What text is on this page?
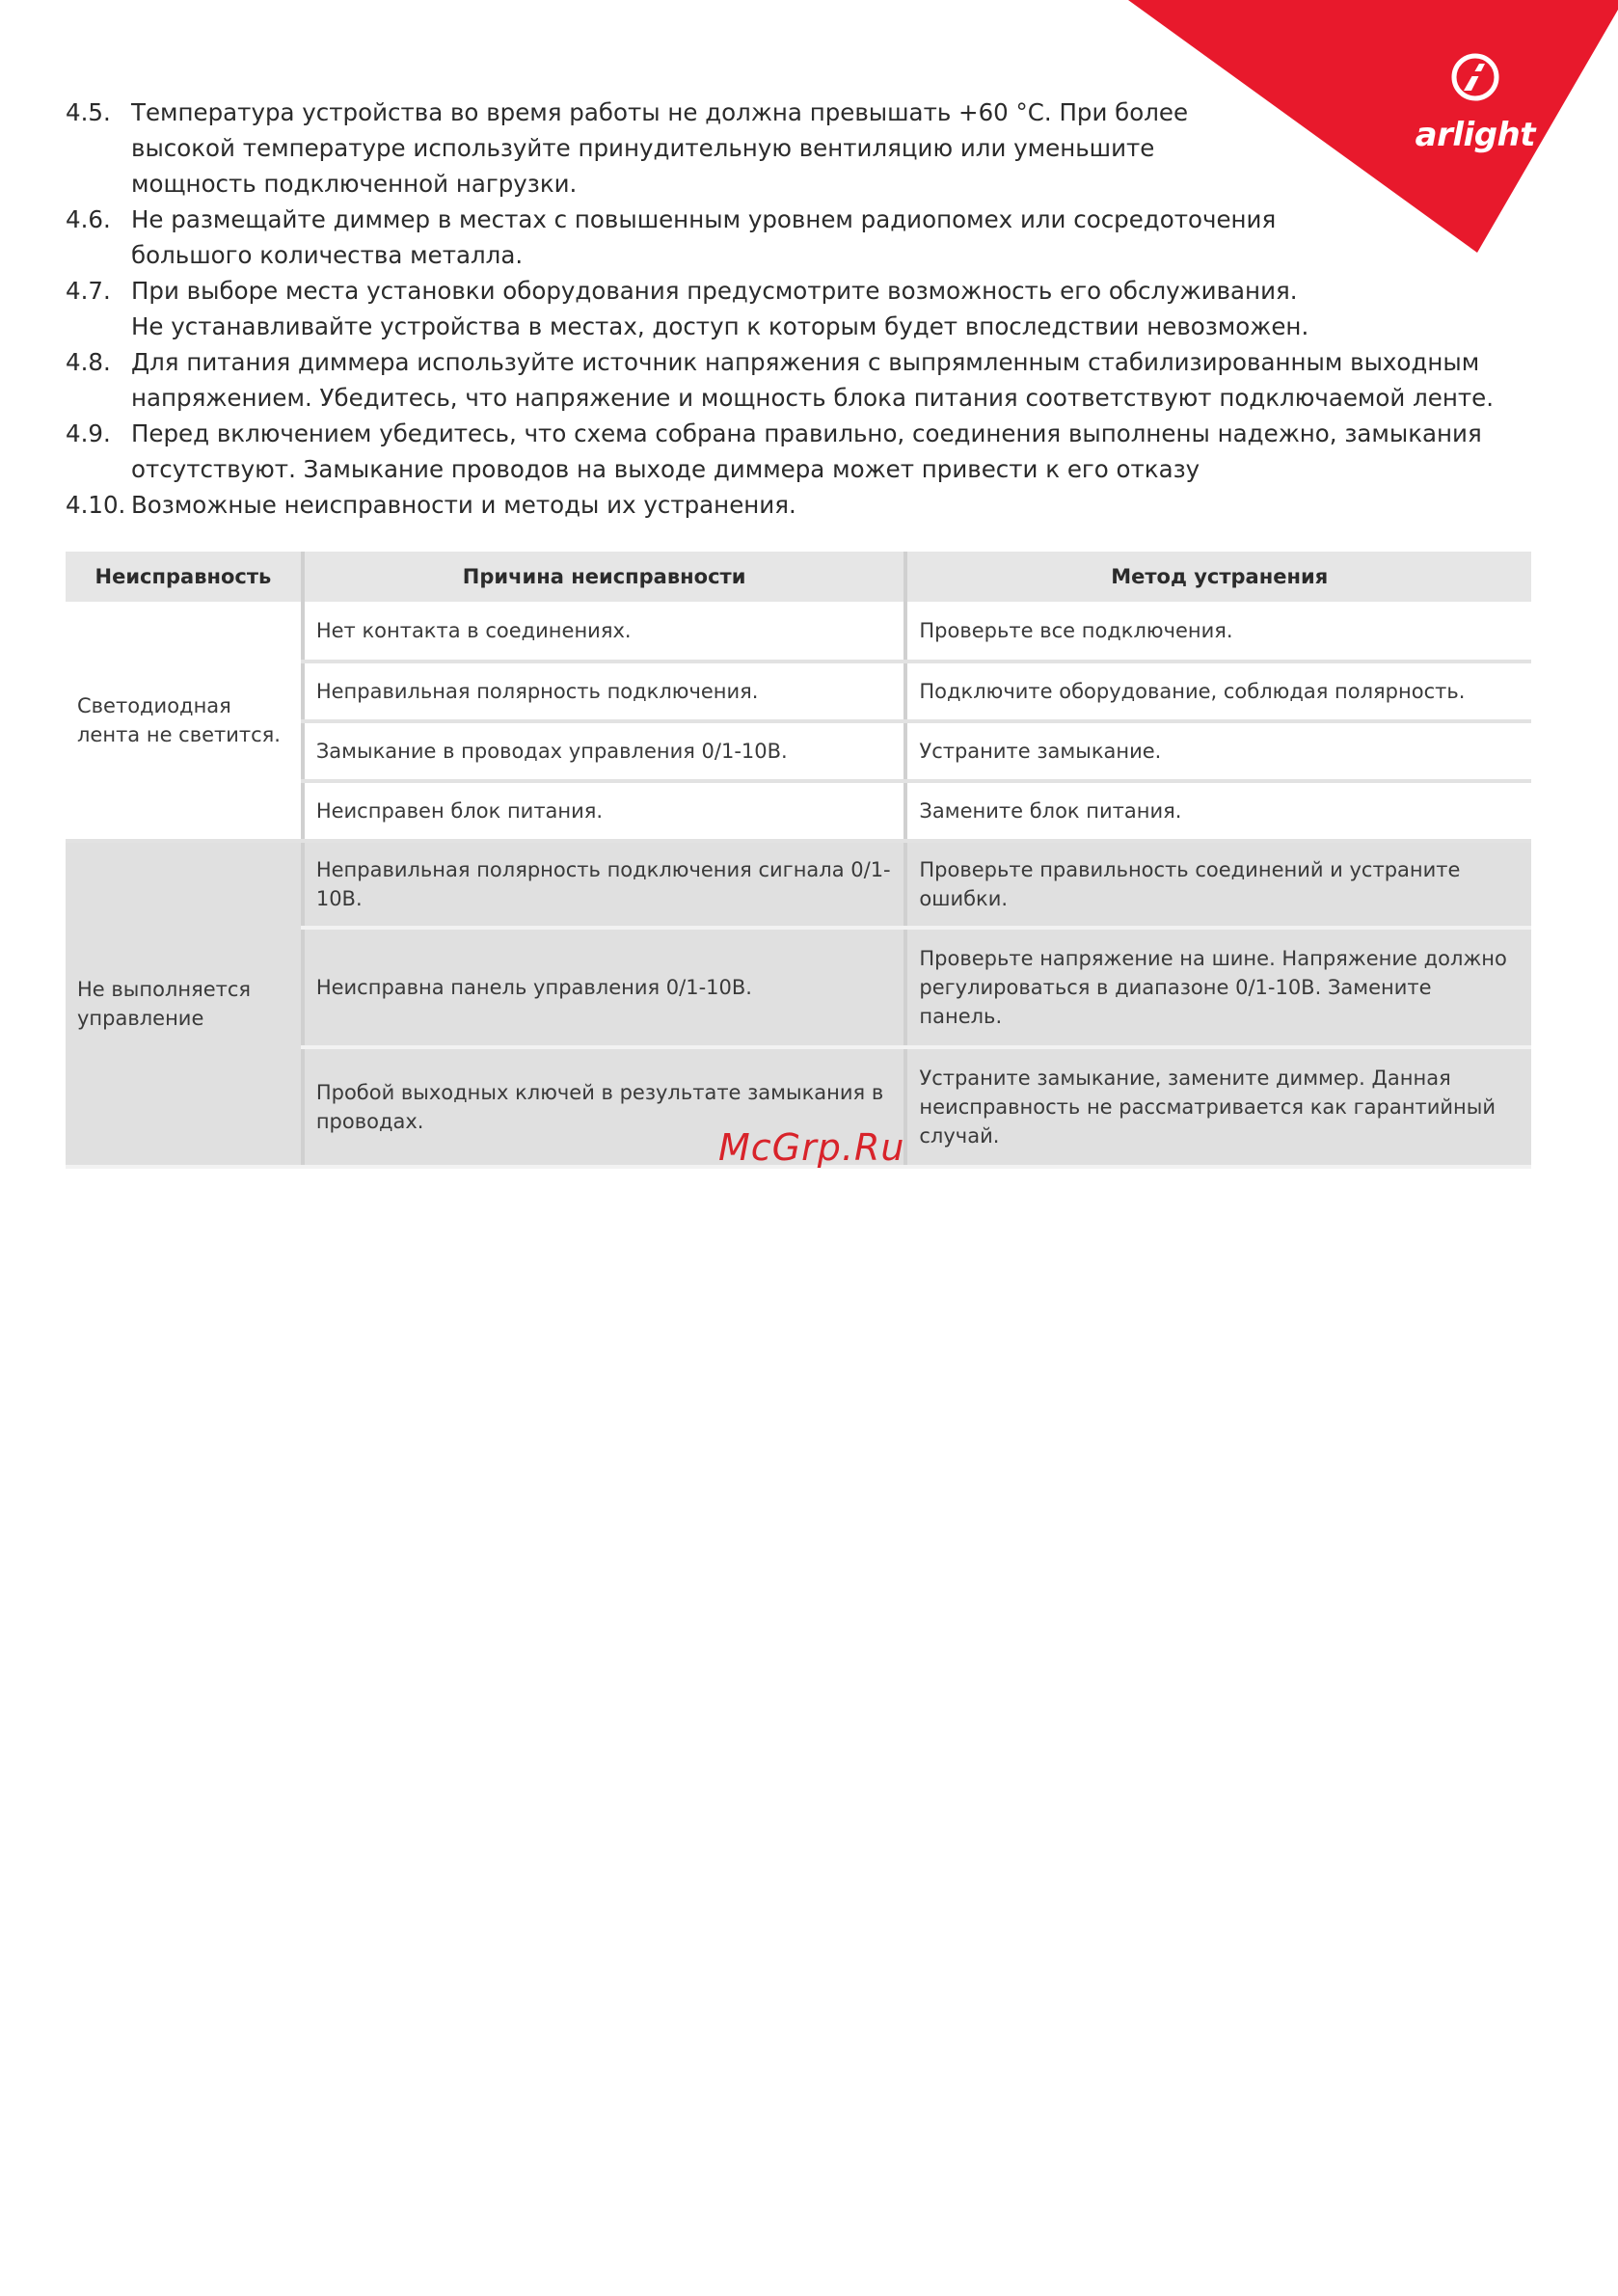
arlight
4.5. Температура устройства во время работы не должна превышать +60 °C. При более
высокой температуре используйте принудительную вентиляцию или уменьшите
мощность подключенной нагрузки.
4.6. Не размещайте диммер в местах с повышенным уровнем радиопомех или сосредоточения
большого количества металла.
4.7. При выборе места установки оборудования предусмотрите возможность его обслуживания.
Не устанавливайте устройства в местах, доступ к которым будет впоследствии невозможен.
4.8. Для питания диммера используйте источник напряжения с выпрямленным стабилизированным выходным
напряжением. Убедитесь, что напряжение и мощность блока питания соответствуют подключаемой ленте.
4.9. Перед включением убедитесь, что схема собрана правильно, соединения выполнены надежно, замыкания
отсутствуют. Замыкание проводов на выходе диммера может привести к его отказу
4.10. Возможные неисправности и методы их устранения.
Неисправность	Причина неисправности	Метод устранения
Светодиодная лента не светится.	Нет контакта в соединениях.	Проверьте все подключения.
	Неправильная полярность подключения.	Подключите оборудование, соблюдая полярность.
	Замыкание в проводах управления 0/1-10В.	Устраните замыкание.
	Неисправен блок питания.	Замените блок питания.
Не выполняется управление	Неправильная полярность подключения сигнала 0/1-10В.	Проверьте правильность соединений и устраните ошибки.
	Неисправна панель управления 0/1-10В.	Проверьте напряжение на шине. Напряжение должно регулироваться в диапазоне 0/1-10В. Замените панель.
	Пробой выходных ключей в результате замыкания в проводах.	Устраните замыкание, замените диммер. Данная неисправность не рассматривается как гарантийный случай.
McGrp.Ru
